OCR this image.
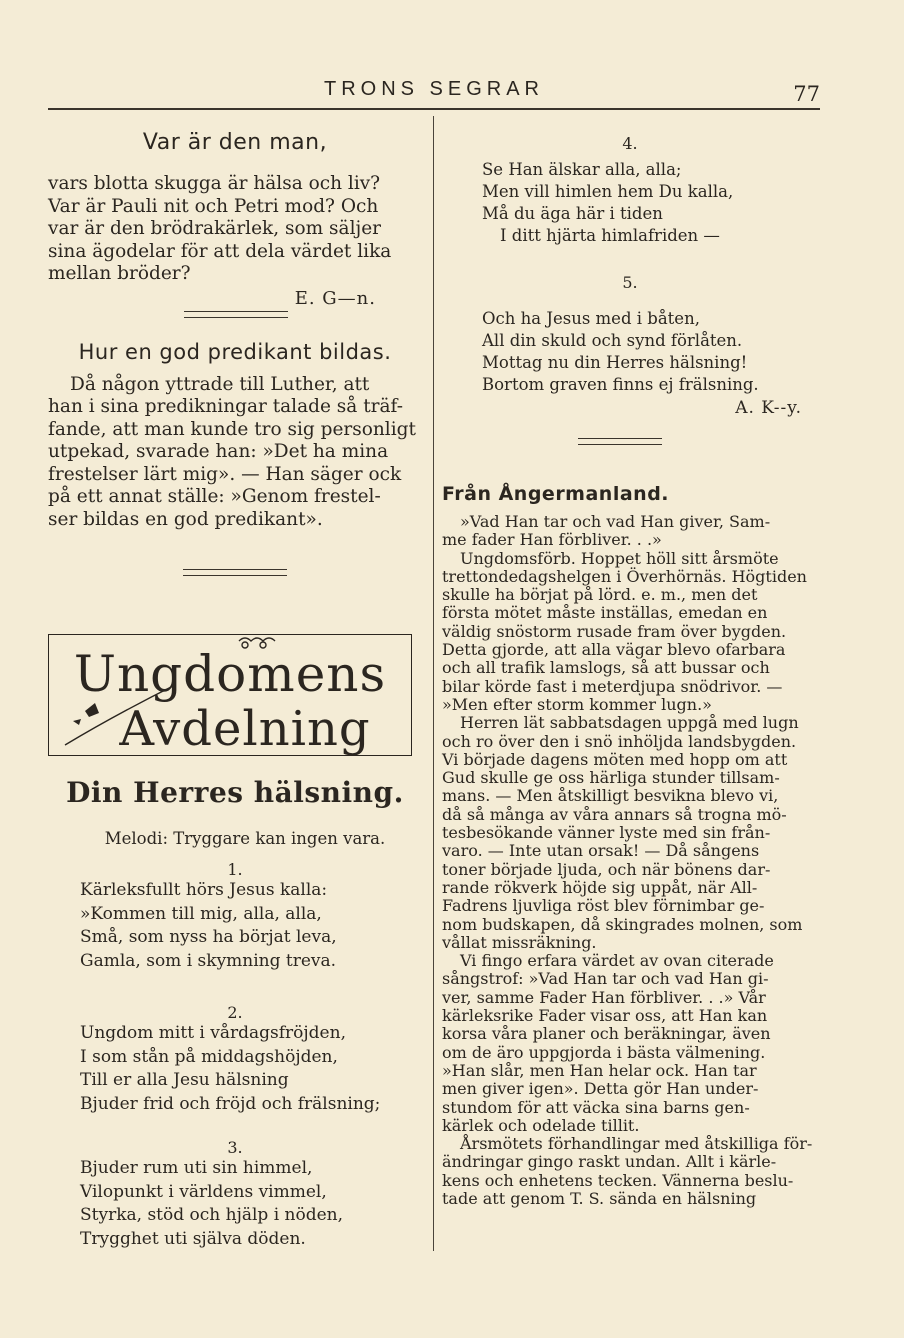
TRONS SEGRAR	77
Var är den man,
vars blotta skugga är hälsa och liv?
Var är Pauli nit och Petri mod? Och
var är den brödrakärlek, som säljer
sina ägodelar för att dela värdet lika
mellan bröder?
E. G—n.
Hur en god predikant bildas.
Då någon yttrade till Luther, att
han i sina predikningar talade så träf-
fande, att man kunde tro sig personligt
utpekad, svarade han: »Det ha mina
frestelser lärt mig». — Han säger ock
på ett annat ställe: »Genom frestel-
ser bildas en god predikant».
Ungdomens
Avdelning
Din Herres hälsning.
Melodi: Tryggare kan ingen vara.
1.
Kärleksfullt hörs Jesus kalla:
»Kommen till mig, alla, alla,
Små, som nyss ha börjat leva,
Gamla, som i skymning treva.
2.
Ungdom mitt i vårdagsfröjden,
I som stån på middagshöjden,
Till er alla Jesu hälsning
Bjuder frid och fröjd och frälsning;
3.
Bjuder rum uti sin himmel,
Vilopunkt i världens vimmel,
Styrka, stöd och hjälp i nöden,
Trygghet uti själva döden.
4.
Se Han älskar alla, alla;
Men vill himlen hem Du kalla,
Må du äga här i tiden
I ditt hjärta himlafriden —
5.
Och ha Jesus med i båten,
All din skuld och synd förlåten.
Mottag nu din Herres hälsning!
Bortom graven finns ej frälsning.
A. K--y.
Från Ångermanland.
»Vad Han tar och vad Han giver, Sam-
me fader Han förbliver. . .»
Ungdomsförb. Hoppet höll sitt årsmöte
trettondedagshelgen i Överhörnäs. Högtiden
skulle ha börjat på lörd. e. m., men det
första mötet måste inställas, emedan en
väldig snöstorm rusade fram över bygden.
Detta gjorde, att alla vägar blevo ofarbara
och all trafik lamslogs, så att bussar och
bilar körde fast i meterdjupa snödrivor. —
»Men efter storm kommer lugn.»
Herren lät sabbatsdagen uppgå med lugn
och ro över den i snö inhöljda landsbygden.
Vi började dagens möten med hopp om att
Gud skulle ge oss härliga stunder tillsam-
mans. — Men åtskilligt besvikna blevo vi,
då så många av våra annars så trogna mö-
tesbesökande vänner lyste med sin från-
varo. — Inte utan orsak! — Då sångens
toner började ljuda, och när bönens dar-
rande rökverk höjde sig uppåt, när All-
Fadrens ljuvliga röst blev förnimbar ge-
nom budskapen, då skingrades molnen, som
vållat missräkning.
Vi fingo erfara värdet av ovan citerade
sångstrof: »Vad Han tar och vad Han gi-
ver, samme Fader Han förbliver. . .» Vår
kärleksrike Fader visar oss, att Han kan
korsa våra planer och beräkningar, även
om de äro uppgjorda i bästa välmening.
»Han slår, men Han helar ock. Han tar
men giver igen». Detta gör Han under-
stundom för att väcka sina barns gen-
kärlek och odelade tillit.
Årsmötets förhandlingar med åtskilliga för-
ändringar gingo raskt undan. Allt i kärle-
kens och enhetens tecken. Vännerna beslu-
tade att genom T. S. sända en hälsning
